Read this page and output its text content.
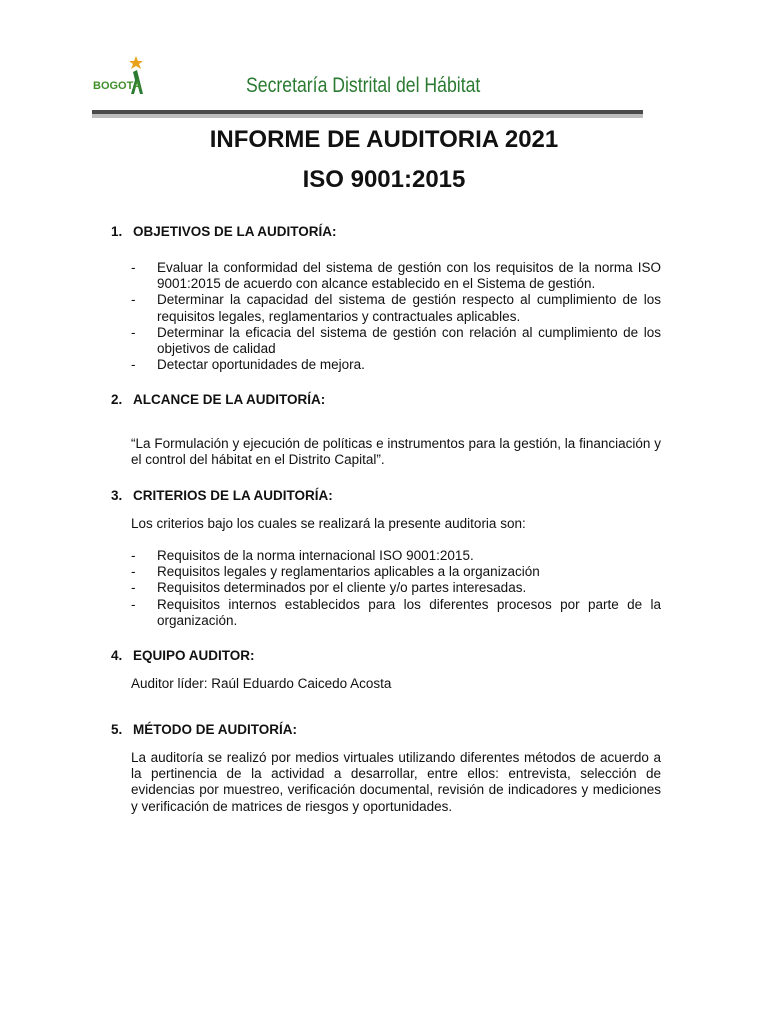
BOGOTÁ	Secretaría Distrital del Hábitat
INFORME DE AUDITORIA 2021
ISO 9001:2015
1. OBJETIVOS DE LA AUDITORÍA:
- Evaluar la conformidad del sistema de gestión con los requisitos de la norma ISO 9001:2015 de acuerdo con alcance establecido en el Sistema de gestión.
- Determinar la capacidad del sistema de gestión respecto al cumplimiento de los requisitos legales, reglamentarios y contractuales aplicables.
- Determinar la eficacia del sistema de gestión con relación al cumplimiento de los objetivos de calidad
- Detectar oportunidades de mejora.
2. ALCANCE DE LA AUDITORÍA:

“La Formulación y ejecución de políticas e instrumentos para la gestión, la financiación y el control del hábitat en el Distrito Capital”.

3. CRITERIOS DE LA AUDITORÍA:

Los criterios bajo los cuales se realizará la presente auditoria son:

- Requisitos de la norma internacional ISO 9001:2015.
- Requisitos legales y reglamentarios aplicables a la organización
- Requisitos determinados por el cliente y/o partes interesadas.
- Requisitos internos establecidos para los diferentes procesos por parte de la organización.
4. EQUIPO AUDITOR:

Auditor líder: Raúl Eduardo Caicedo Acosta

5. MÉTODO DE AUDITORÍA:

La auditoría se realizó por medios virtuales utilizando diferentes métodos de acuerdo a la pertinencia de la actividad a desarrollar, entre ellos: entrevista, selección de evidencias por muestreo, verificación documental, revisión de indicadores y mediciones y verificación de matrices de riesgos y oportunidades.
